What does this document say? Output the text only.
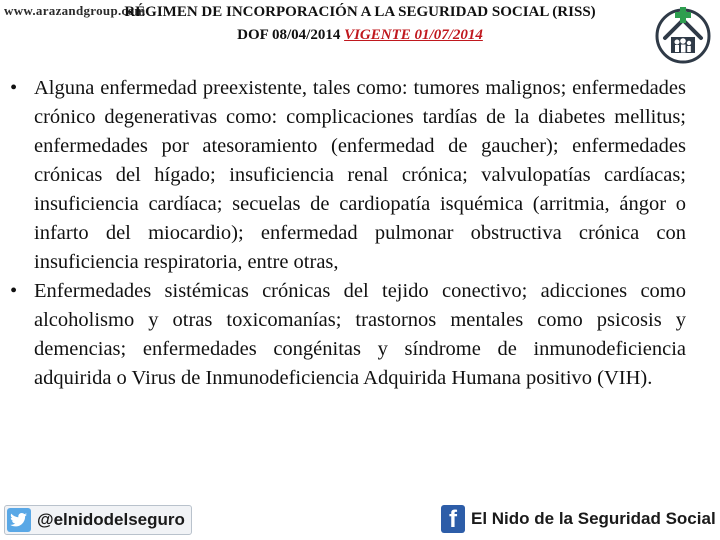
www.arazandgroup.com
RÉGIMEN DE INCORPORACIÓN A LA SEGURIDAD SOCIAL (RISS)
DOF 08/04/2014 VIGENTE 01/07/2014

• Alguna enfermedad preexistente, tales como: tumores malignos; enfermedades crónico degenerativas como: complicaciones tardías de la diabetes mellitus; enfermedades por atesoramiento (enfermedad de gaucher); enfermedades crónicas del hígado; insuficiencia renal crónica; valvulopatías cardíacas; insuficiencia cardíaca; secuelas de cardiopatía isquémica (arritmia, ángor o infarto del miocardio); enfermedad pulmonar obstructiva crónica con insuficiencia respiratoria, entre otras,

• Enfermedades sistémicas crónicas del tejido conectivo; adicciones como alcoholismo y otras toxicomanías; trastornos mentales como psicosis y demencias; enfermedades congénitas y síndrome de inmunodeficiencia adquirida o Virus de Inmunodeficiencia Adquirida Humana positivo (VIH).

@elnidodelseguro	f El Nido de la Seguridad Social
